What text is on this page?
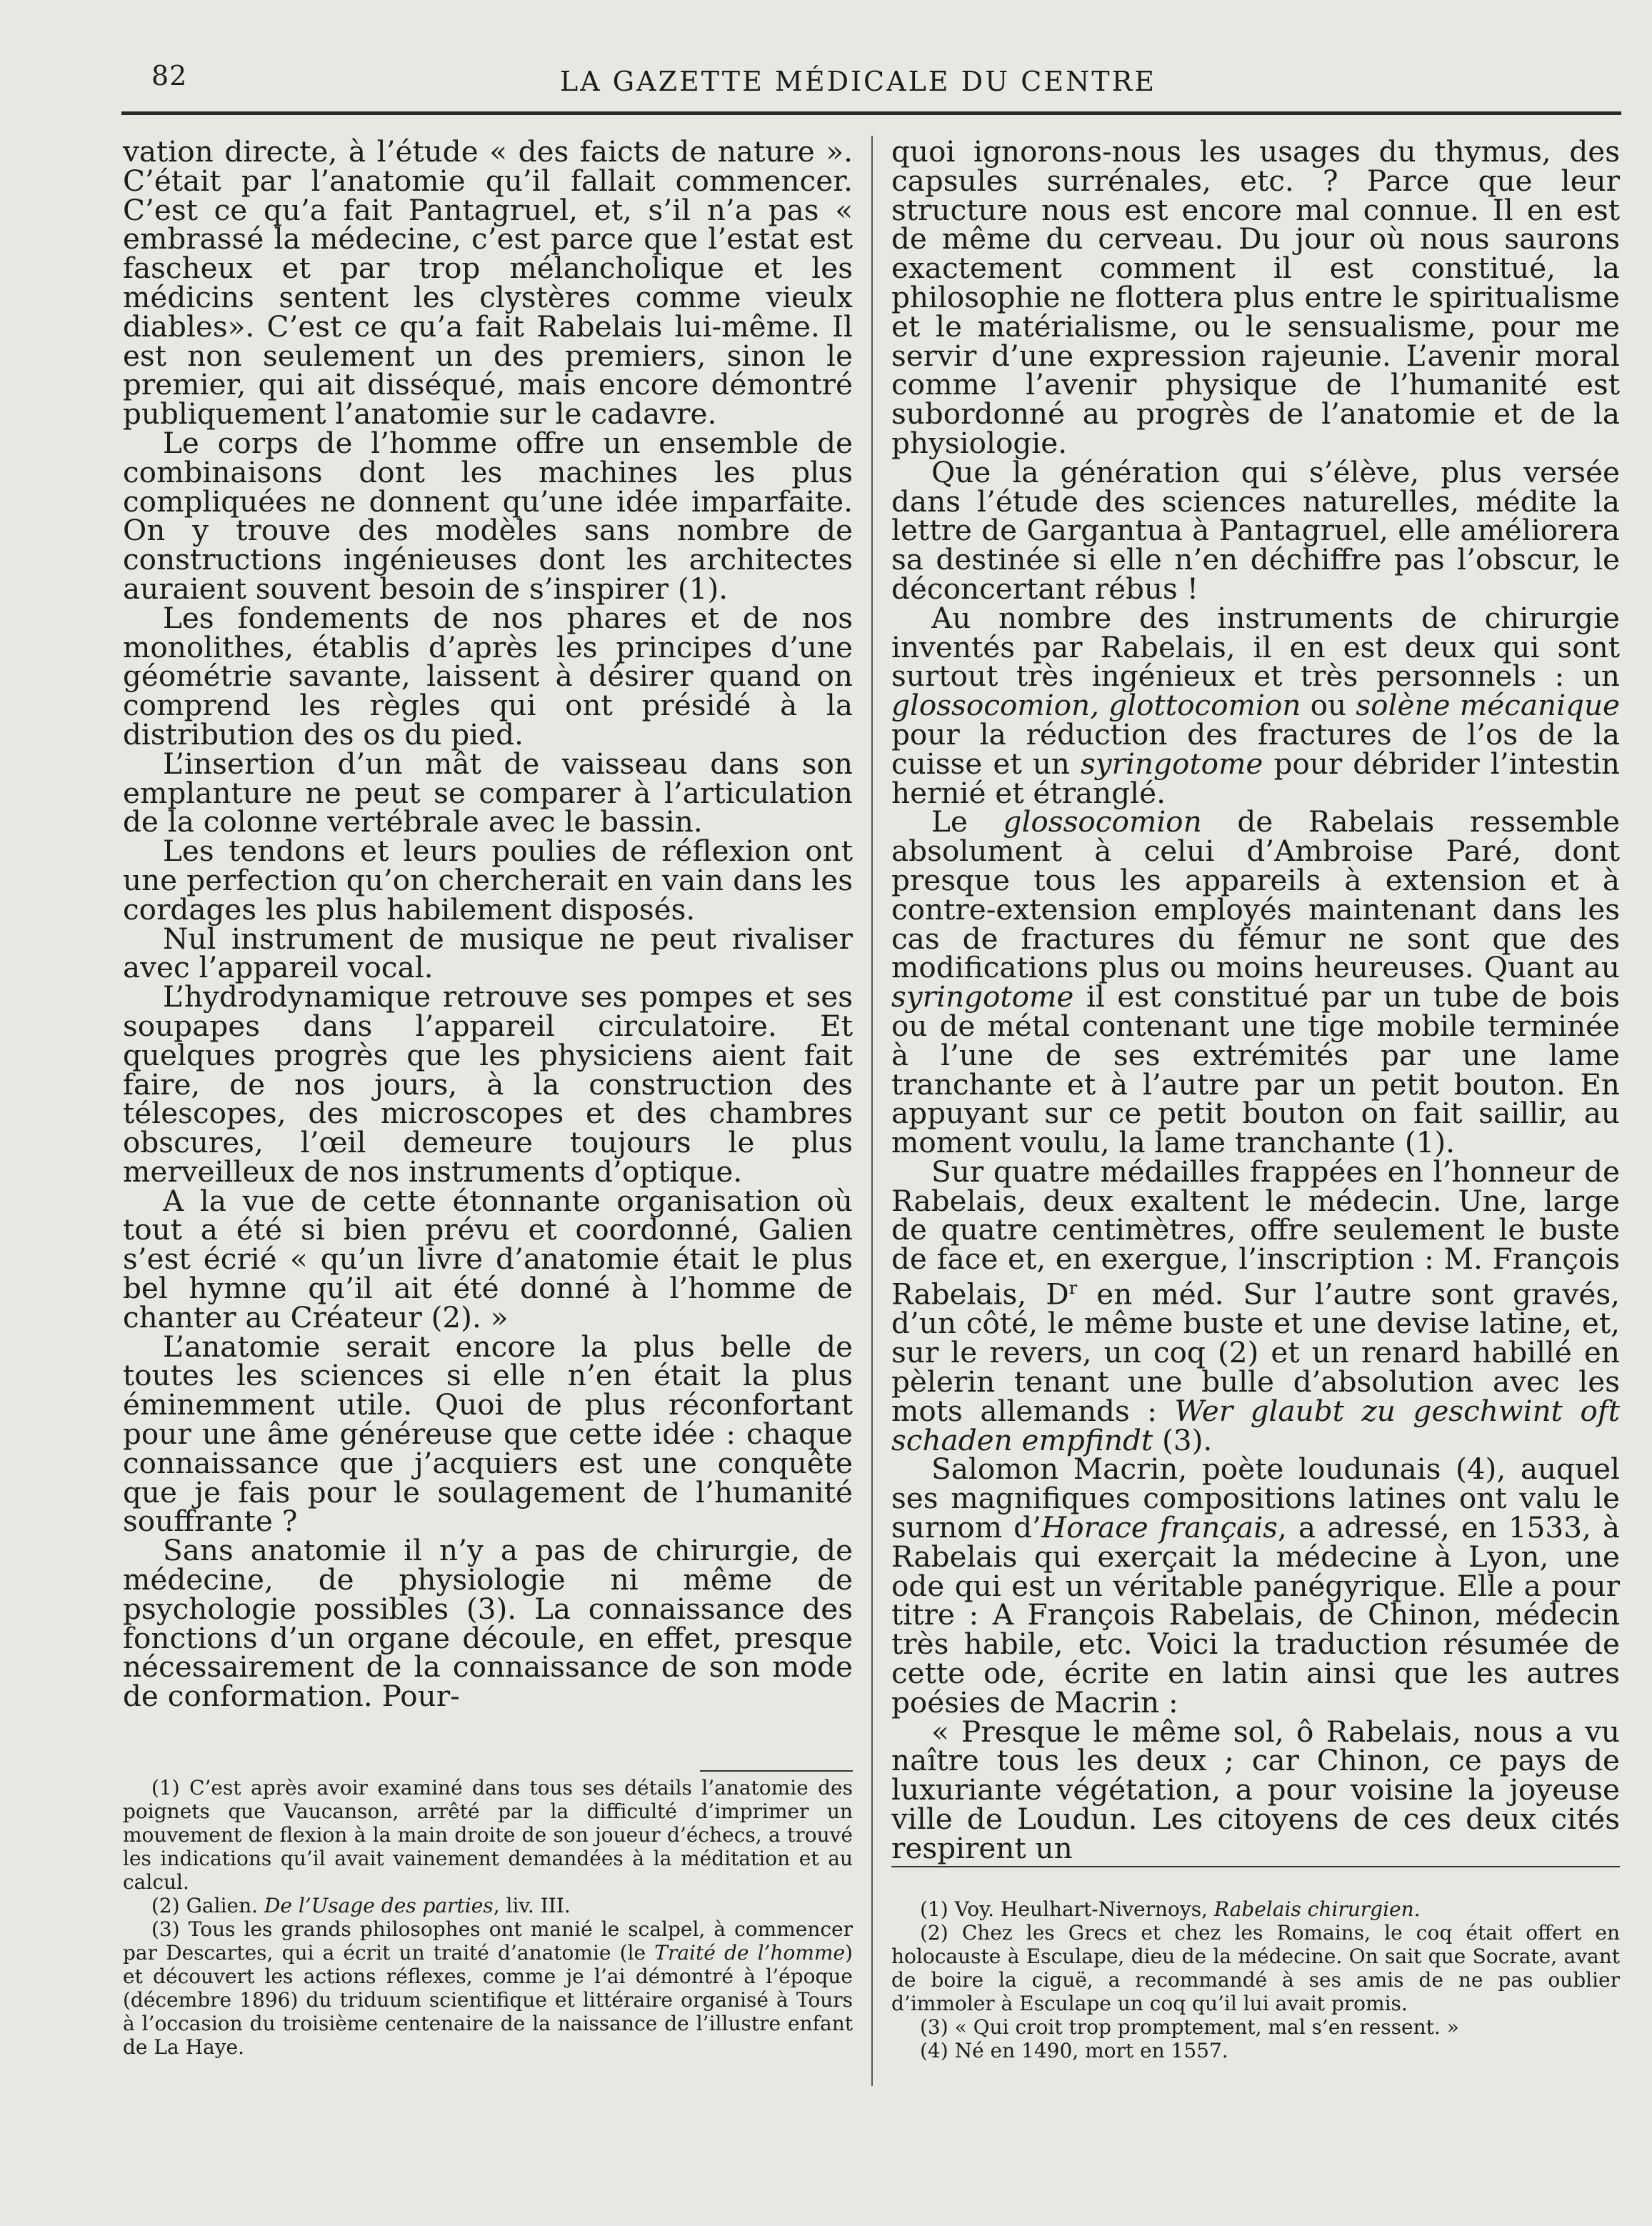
82	LA GAZETTE MÉDICALE DU CENTRE

vation directe, à l’étude « des faicts de nature ». C’était par l’anatomie qu’il fallait commencer. C’est ce qu’a fait Pantagruel, et, s’il n’a pas « embrassé la médecine, c’est parce que l’estat est fascheux et par trop mélancholique et les médicins sentent les clystères comme vieulx diables». C’est ce qu’a fait Rabelais lui-même. Il est non seulement un des premiers, sinon le premier, qui ait disséqué, mais encore démontré publiquement l’anatomie sur le cadavre.

Le corps de l’homme offre un ensemble de combinaisons dont les machines les plus compliquées ne donnent qu’une idée imparfaite. On y trouve des modèles sans nombre de constructions ingénieuses dont les architectes auraient souvent besoin de s’inspirer (1).

Les fondements de nos phares et de nos monolithes, établis d’après les principes d’une géométrie savante, laissent à désirer quand on comprend les règles qui ont présidé à la distribution des os du pied.

L’insertion d’un mât de vaisseau dans son emplanture ne peut se comparer à l’articulation de la colonne vertébrale avec le bassin.

Les tendons et leurs poulies de réflexion ont une perfection qu’on chercherait en vain dans les cordages les plus habilement disposés.

Nul instrument de musique ne peut rivaliser avec l’appareil vocal.

L’hydrodynamique retrouve ses pompes et ses soupapes dans l’appareil circulatoire. Et quelques progrès que les physiciens aient fait faire, de nos jours, à la construction des télescopes, des microscopes et des chambres obscures, l’œil demeure toujours le plus merveilleux de nos instruments d’optique.

A la vue de cette étonnante organisation où tout a été si bien prévu et coordonné, Galien s’est écrié « qu’un livre d’anatomie était le plus bel hymne qu’il ait été donné à l’homme de chanter au Créateur (2). »

L’anatomie serait encore la plus belle de toutes les sciences si elle n’en était la plus éminemment utile. Quoi de plus réconfortant pour une âme généreuse que cette idée : chaque connaissance que j’acquiers est une conquête que je fais pour le soulagement de l’humanité souffrante ?

Sans anatomie il n’y a pas de chirurgie, de médecine, de physiologie ni même de psychologie possibles (3). La connaissance des fonctions d’un organe découle, en effet, presque nécessairement de la connaissance de son mode de conformation. Pour-

quoi ignorons-nous les usages du thymus, des capsules surrénales, etc. ? Parce que leur structure nous est encore mal connue. Il en est de même du cerveau. Du jour où nous saurons exactement comment il est constitué, la philosophie ne flottera plus entre le spiritualisme et le matérialisme, ou le sensualisme, pour me servir d’une expression rajeunie. L’avenir moral comme l’avenir physique de l’humanité est subordonné au progrès de l’anatomie et de la physiologie.

Que la génération qui s’élève, plus versée dans l’étude des sciences naturelles, médite la lettre de Gargantua à Pantagruel, elle améliorera sa destinée si elle n’en déchiffre pas l’obscur, le déconcertant rébus !

Au nombre des instruments de chirurgie inventés par Rabelais, il en est deux qui sont surtout très ingénieux et très personnels : un glossocomion, glottocomion ou solène mécanique pour la réduction des fractures de l’os de la cuisse et un syringotome pour débrider l’intestin hernié et étranglé.

Le glossocomion de Rabelais ressemble absolument à celui d’Ambroise Paré, dont presque tous les appareils à extension et à contre-extension employés maintenant dans les cas de fractures du fémur ne sont que des modifications plus ou moins heureuses. Quant au syringotome il est constitué par un tube de bois ou de métal contenant une tige mobile terminée à l’une de ses extrémités par une lame tranchante et à l’autre par un petit bouton. En appuyant sur ce petit bouton on fait saillir, au moment voulu, la lame tranchante (1).

Sur quatre médailles frappées en l’honneur de Rabelais, deux exaltent le médecin. Une, large de quatre centimètres, offre seulement le buste de face et, en exergue, l’inscription : M. François Rabelais, $D^r$ en méd. Sur l’autre sont gravés, d’un côté, le même buste et une devise latine, et, sur le revers, un coq (2) et un renard habillé en pèlerin tenant une bulle d’absolution avec les mots allemands : Wer glaubt zu geschwint oft schaden empfindt (3).

Salomon Macrin, poète loudunais (4), auquel ses magnifiques compositions latines ont valu le surnom d’Horace français, a adressé, en 1533, à Rabelais qui exerçait la médecine à Lyon, une ode qui est un véritable panégyrique. Elle a pour titre : A François Rabelais, de Chinon, médecin très habile, etc. Voici la traduction résumée de cette ode, écrite en latin ainsi que les autres poésies de Macrin :

« Presque le même sol, ô Rabelais, nous a vu naître tous les deux ; car Chinon, ce pays de luxuriante végétation, a pour voisine la joyeuse ville de Loudun. Les citoyens de ces deux cités respirent un

(1) C’est après avoir examiné dans tous ses détails l’anatomie des poignets que Vaucanson, arrêté par la difficulté d’imprimer un mouvement de flexion à la main droite de son joueur d’échecs, a trouvé les indications qu’il avait vainement demandées à la méditation et au calcul.

(2) Galien. De l’Usage des parties, liv. III.

(3) Tous les grands philosophes ont manié le scalpel, à commencer par Descartes, qui a écrit un traité d’anatomie (le Traité de l’homme) et découvert les actions réflexes, comme je l’ai démontré à l’époque (décembre 1896) du triduum scientifique et littéraire organisé à Tours à l’occasion du troisième centenaire de la naissance de l’illustre enfant de La Haye.

(1) Voy. Heulhart-Nivernoys, Rabelais chirurgien.

(2) Chez les Grecs et chez les Romains, le coq était offert en holocauste à Esculape, dieu de la médecine. On sait que Socrate, avant de boire la ciguë, a recommandé à ses amis de ne pas oublier d’immoler à Esculape un coq qu’il lui avait promis.

(3) « Qui croit trop promptement, mal s’en ressent. »

(4) Né en 1490, mort en 1557.
